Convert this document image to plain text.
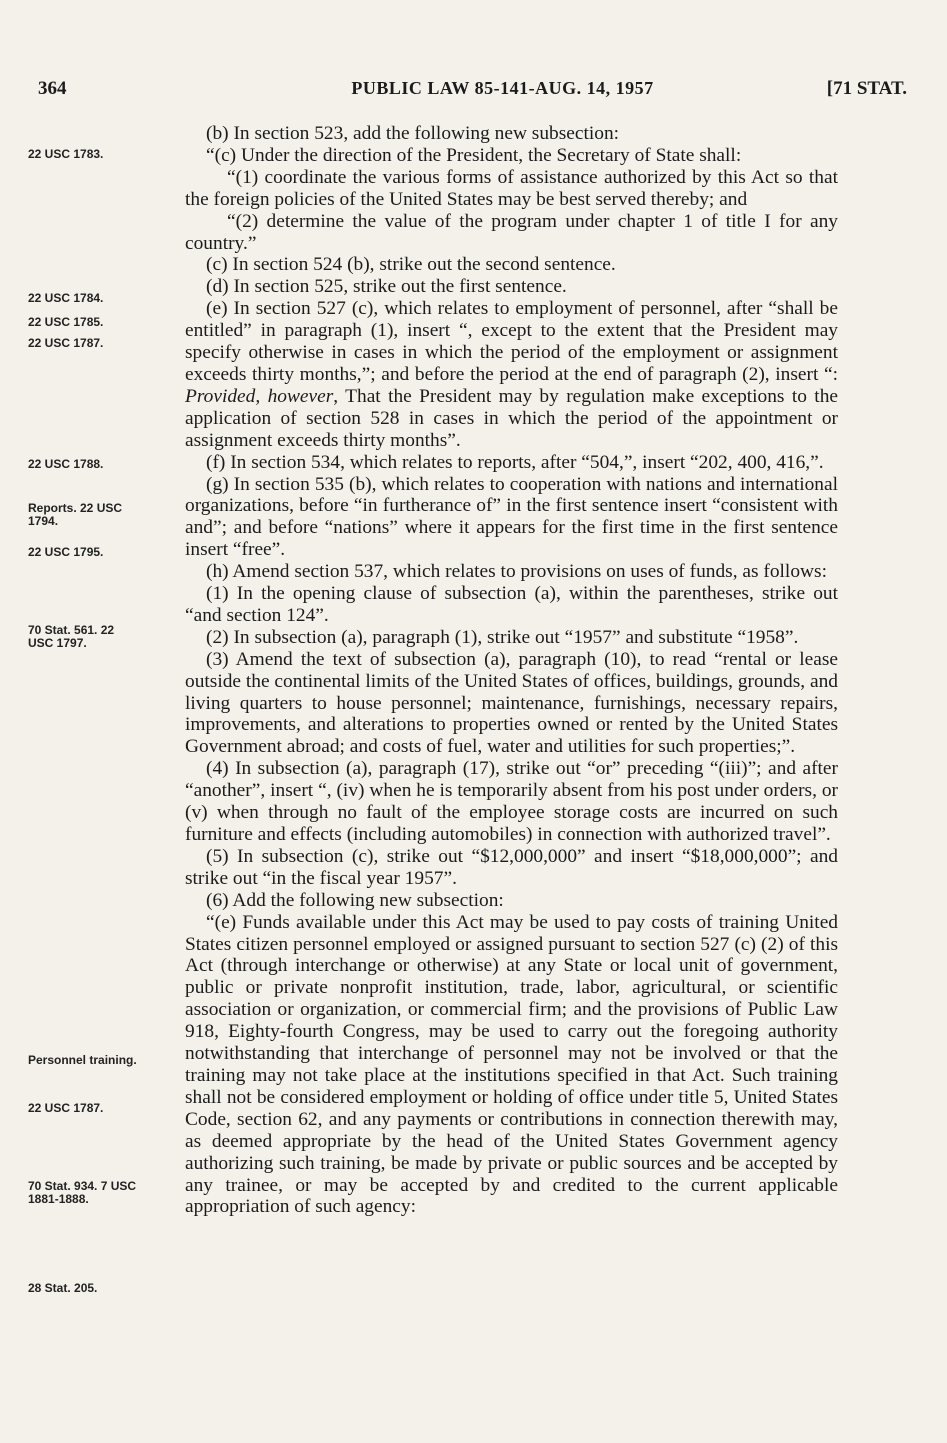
364	PUBLIC LAW 85-141-AUG. 14, 1957	[71 STAT.
22 USC 1783.
22 USC 1784.
22 USC 1785.
22 USC 1787.
22 USC 1788.
Reports. 22 USC 1794.
22 USC 1795.
70 Stat. 561. 22 USC 1797.
Personnel training.
22 USC 1787.
70 Stat. 934. 7 USC 1881-1888.
28 Stat. 205.

(b) In section 523, add the following new subsection:

“(c) Under the direction of the President, the Secretary of State shall:

“(1) coordinate the various forms of assistance authorized by this Act so that the foreign policies of the United States may be best served thereby; and

“(2) determine the value of the program under chapter 1 of title I for any country.”

(c) In section 524 (b), strike out the second sentence.

(d) In section 525, strike out the first sentence.

(e) In section 527 (c), which relates to employment of personnel, after “shall be entitled” in paragraph (1), insert “, except to the extent that the President may specify otherwise in cases in which the period of the employment or assignment exceeds thirty months,”; and before the period at the end of paragraph (2), insert “: Provided, however, That the President may by regulation make exceptions to the application of section 528 in cases in which the period of the appointment or assignment exceeds thirty months”.

(f) In section 534, which relates to reports, after “504,”, insert “202, 400, 416,”.

(g) In section 535 (b), which relates to cooperation with nations and international organizations, before “in furtherance of” in the first sentence insert “consistent with and”; and before “nations” where it appears for the first time in the first sentence insert “free”.

(h) Amend section 537, which relates to provisions on uses of funds, as follows:

(1) In the opening clause of subsection (a), within the parentheses, strike out “and section 124”.

(2) In subsection (a), paragraph (1), strike out “1957” and substitute “1958”.

(3) Amend the text of subsection (a), paragraph (10), to read “rental or lease outside the continental limits of the United States of offices, buildings, grounds, and living quarters to house personnel; maintenance, furnishings, necessary repairs, improvements, and alterations to properties owned or rented by the United States Government abroad; and costs of fuel, water and utilities for such properties;”.

(4) In subsection (a), paragraph (17), strike out “or” preceding “(iii)”; and after “another”, insert “, (iv) when he is temporarily absent from his post under orders, or (v) when through no fault of the employee storage costs are incurred on such furniture and effects (including automobiles) in connection with authorized travel”.

(5) In subsection (c), strike out “$12,000,000” and insert “$18,000,000”; and strike out “in the fiscal year 1957”.

(6) Add the following new subsection:

“(e) Funds available under this Act may be used to pay costs of training United States citizen personnel employed or assigned pursuant to section 527 (c) (2) of this Act (through interchange or otherwise) at any State or local unit of government, public or private nonprofit institution, trade, labor, agricultural, or scientific association or organization, or commercial firm; and the provisions of Public Law 918, Eighty-fourth Congress, may be used to carry out the foregoing authority notwithstanding that interchange of personnel may not be involved or that the training may not take place at the institutions specified in that Act. Such training shall not be considered employment or holding of office under title 5, United States Code, section 62, and any payments or contributions in connection therewith may, as deemed appropriate by the head of the United States Government agency authorizing such training, be made by private or public sources and be accepted by any trainee, or may be accepted by and credited to the current applicable appropriation of such agency:
